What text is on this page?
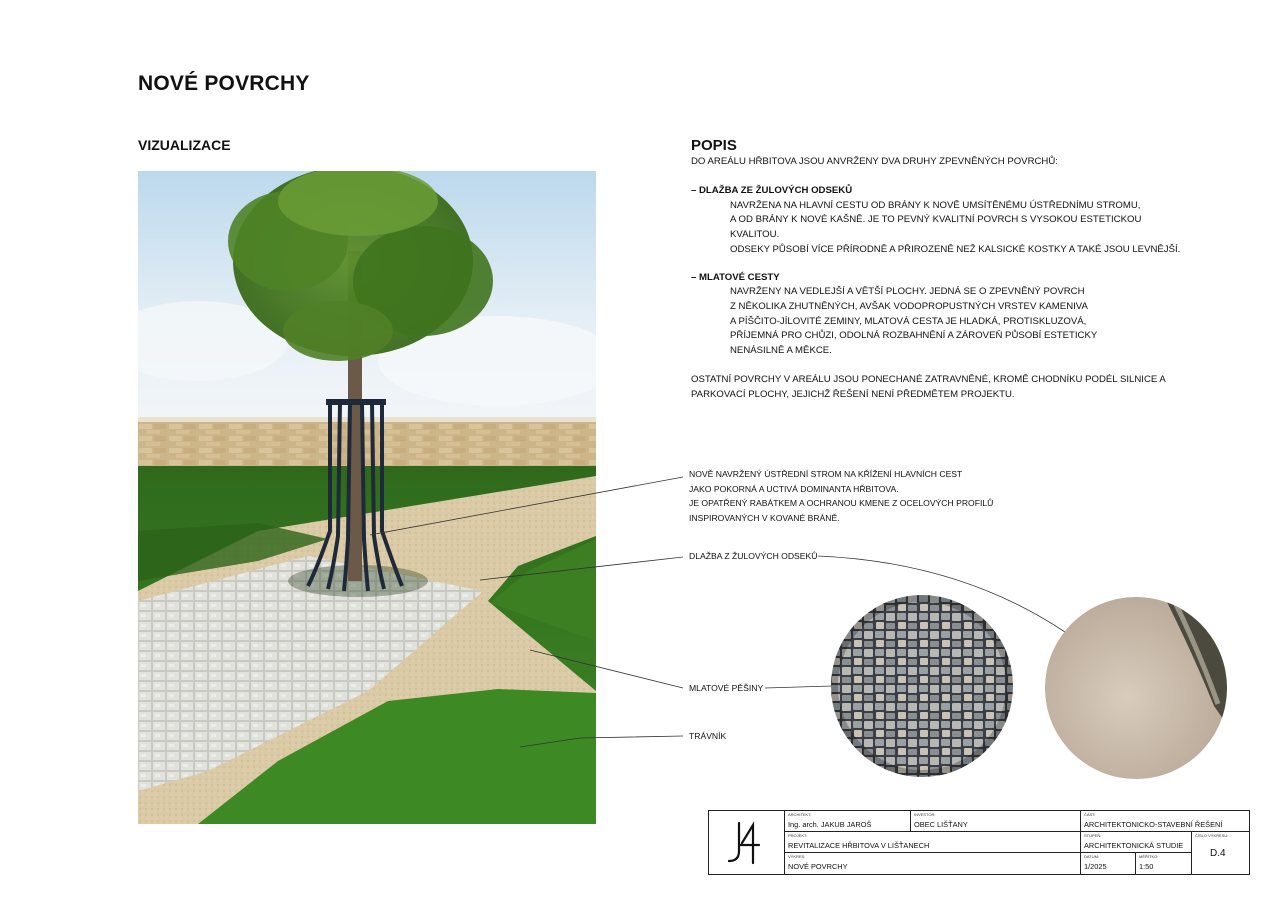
NOVÉ POVRCHY
VIZUALIZACE	POPIS
DO AREÁLU HŘBITOVA JSOU ANVRŽENY DVA DRUHY ZPEVNĚNÝCH POVRCHŮ:
– DLAŽBA ZE ŽULOVÝCH ODSEKŮ
NAVRŽENA NA HLAVNÍ CESTU OD BRÁNY K NOVĚ UMSÍTĚNÉMU ÚSTŘEDNÍMU STROMU,
A OD BRÁNY K NOVÉ KAŠNĚ. JE TO PEVNÝ KVALITNÍ POVRCH S VYSOKOU ESTETICKOU
KVALITOU.
ODSEKY PŮSOBÍ VÍCE PŘÍRODNĚ A PŘIROZENĚ NEŽ KALSICKÉ KOSTKY A TAKÉ JSOU LEVNĚJŠÍ.
– MLATOVÉ CESTY
NAVRŽENY NA VEDLEJŠÍ A VĚTŠÍ PLOCHY. JEDNÁ SE O ZPEVNĚNÝ POVRCH
Z NĚKOLIKA ZHUTNĚNÝCH, AVŠAK VODOPROPUSTNÝCH VRSTEV KAMENIVA
A PÍŠČITO-JÍLOVITÉ ZEMINY, MLATOVÁ CESTA JE HLADKÁ, PROTISKLUZOVÁ,
PŘÍJEMNÁ PRO CHŮZI, ODOLNÁ ROZBAHNĚNÍ A ZÁROVEŇ PŮSOBÍ ESTETICKY
NENÁSILNĚ A MĚKCE.
OSTATNÍ POVRCHY V AREÁLU JSOU PONECHANÉ ZATRAVNĚNÉ, KROMĚ CHODNÍKU PODÉL SILNICE A
PARKOVACÍ PLOCHY, JEJICHŽ ŘEŠENÍ NENÍ PŘEDMĚTEM PROJEKTU.
NOVĚ NAVRŽENÝ ÚSTŘEDNÍ STROM NA KŘÍŽENÍ HLAVNÍCH CEST
JAKO POKORNÁ A UCTIVÁ DOMINANTA HŘBITOVA.
JE OPATŘENÝ RABÁTKEM A OCHRANOU KMENE Z OCELOVÝCH PROFILŮ
INSPIROVANÝCH V KOVANÉ BRÁNĚ.
DLAŽBA Z ŽULOVÝCH ODSEKŮ
MLATOVÉ PĚŠINY
TRÁVNÍK
ARCHITEKT:
Ing. arch. JAKUB JAROŠ
INVESTOR:
OBEC LIŠŤANY
ČÁST:
ARCHITEKTONICKO-STAVEBNÍ ŘEŠENÍ
PROJEKT:
REVITALIZACE HŘBITOVA V LIŠŤANECH
STUPEŇ:
ARCHITEKTONICKÁ STUDIE
ČÍSLO VÝKRESU:
D.4
VÝKRES:
NOVÉ POVRCHY
DATUM:
1/2025
MĚŘÍTKO:
1:50
